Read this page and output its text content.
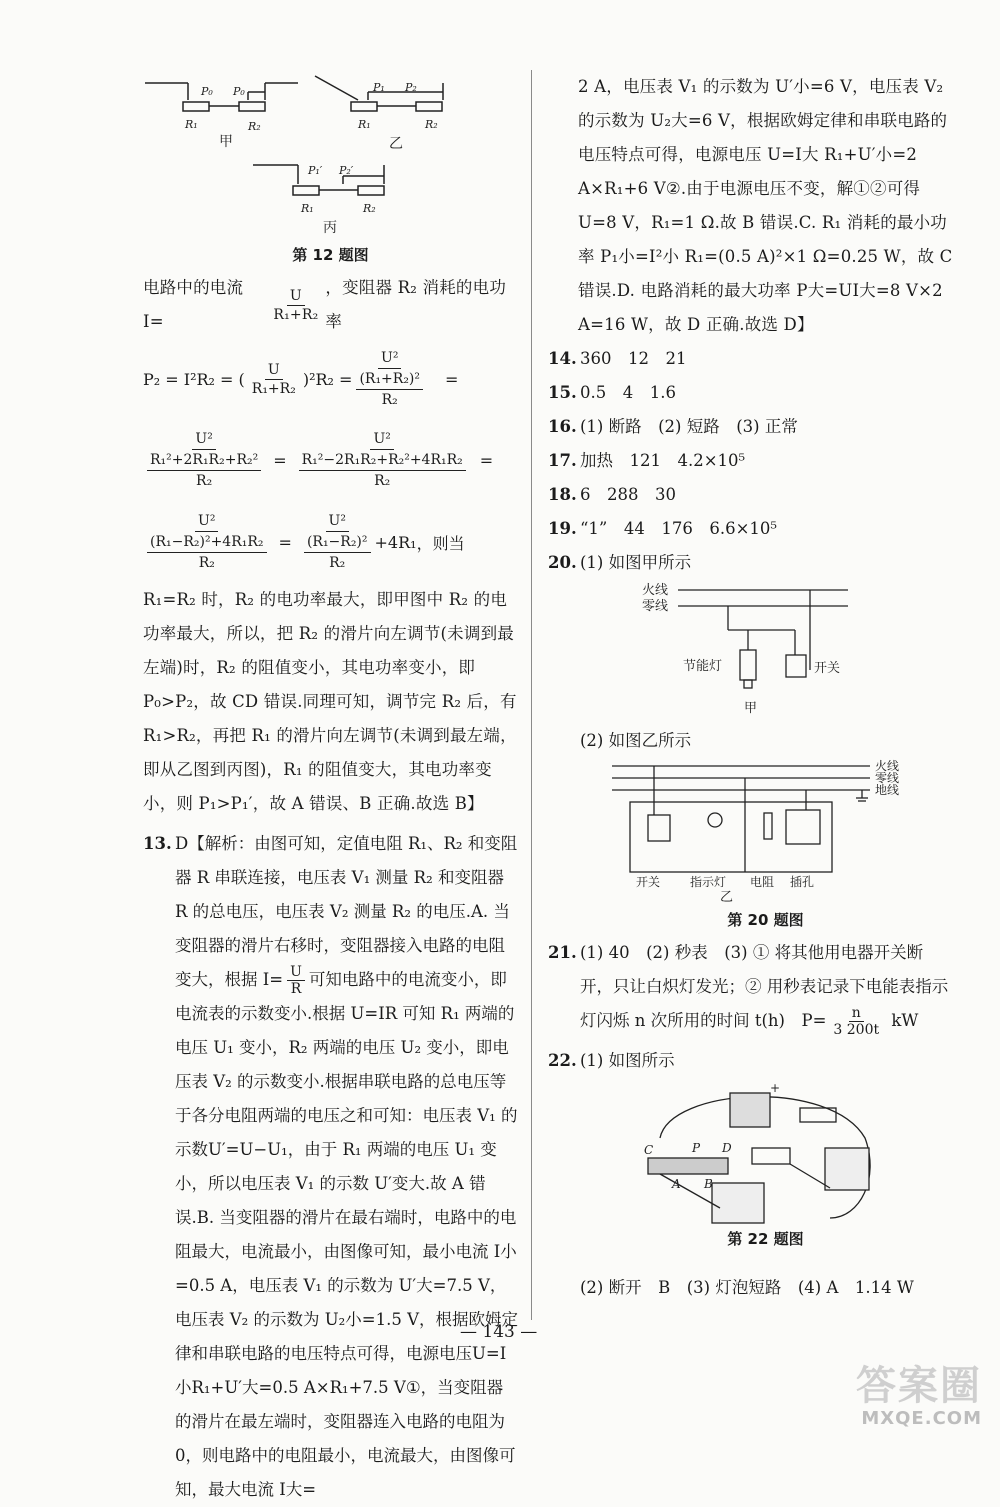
P₀ P₀
R₁	R₂
甲
P₁ P₂
R₁	R₂
乙
P₁′ P₂′
R₁	R₂
丙
第 12 题图
电路中的电流 I=	$\frac{U}{\text{R₁+R₂}}$ ，变阻器 R₂ 消耗的电功率
P₂ = I²R₂ = ( $\frac{U}{\text{R₁+R₂}} )^2R_2$ =
U²
(R₁+R₂)²
R₂
=
U²
R₁²+2R₁R₂+R₂²
R₂
=
U²
R₁²−2R₁R₂+R₂²+4R₁R₂
R₂
=
U²
(R₁−R₂)²+4R₁R₂
R₂
=
U²
(R₁−R₂)²
R₂
+4R₁ ，则当
R₁=R₂ 时，R₂ 的电功率最大，即甲图中 R₂ 的电功率最大，所以，把 R₂ 的滑片向左调节(未调到最左端)时，R₂ 的阻值变小，其电功率变小，即 P₀>P₂，故 CD 错误.同理可知，调节完 R₂ 后，有 R₁>R₂，再把 R₁ 的滑片向左调节(未调到最左端，即从乙图到丙图)，R₁ 的阻值变大，其电功率变小，则 P₁>P₁′，故 A 错误、B 正确.故选 B】
13. D【解析：由图可知，定值电阻 R₁、R₂ 和变阻器 R 串联连接，电压表 V₁ 测量 R₂ 和变阻器 R 的总电压，电压表 V₂ 测量 R₂ 的电压.A. 当变阻器的滑片右移时，变阻器接入电路的电阻变大，根据 $I= \frac{U}{R}$ 可知电路中的电流变小，即电流表的示数变小.根据 U=IR 可知 R₁ 两端的电压 U₁ 变小，R₂ 两端的电压 U₂ 变小，即电压表 V₂ 的示数变小.根据串联电路的总电压等于各分电阻两端的电压之和可知：电压表 V₁ 的示数U′=U−U₁，由于 R₁ 两端的电压 U₁ 变小，所以电压表 V₁ 的示数 U′变大.故 A 错误.B. 当变阻器的滑片在最右端时，电路中的电阻最大，电流最小，由图像可知，最小电流 I小=0.5 A，电压表 V₁ 的示数为 U′大=7.5 V，电压表 V₂ 的示数为 U₂小=1.5 V，根据欧姆定律和串联电路的电压特点可得，电源电压U=I小R₁+U′大=0.5 A×R₁+7.5 V①，当变阻器的滑片在最左端时，变阻器连入电路的电阻为 0，则电路中的电阻最小，电流最大，由图像可知，最大电流 I大=
2 A，电压表 V₁ 的示数为 U′小=6 V，电压表 V₂ 的示数为 U₂大=6 V，根据欧姆定律和串联电路的电压特点可得，电源电压 U=I大 R₁+U′小=2 A×R₁+6 V②.由于电源电压不变，解①②可得U=8 V，R₁=1 Ω.故 B 错误.C. R₁ 消耗的最小功率 P₁小=I²小 R₁=(0.5 A)²×1 Ω=0.25 W，故 C 错误.D. 电路消耗的最大功率 P大=UI大=8 V×2 A=16 W，故 D 正确.故选 D】
14. 360　12　21
15. 0.5　4　1.6
16. (1) 断路　(2) 短路　(3) 正常
17. 加热　121　4.2×10⁵
18. 6　288　30
19. “1”　44　176　6.6×10⁵
20. (1) 如图甲所示
火线
零线
节能灯	开关
甲
(2) 如图乙所示
火线
零线
地线
开关 指示灯 电阻 插孔
乙
第 20 题图
21. (1) 40　(2) 秒表　(3) ① 将其他用电器开关断开，只让白炽灯发光；② 用秒表记录下电能表指示灯闪烁 n 次所用的时间 t(h)　$P= \frac{n}{3 200t}$ kW
22. (1) 如图所示
C	P D
A B
+
第 22 题图
(2) 断开　B　(3) 灯泡短路　(4) A　1.14 W
— 143 —
答案圈
MXQE.COM
